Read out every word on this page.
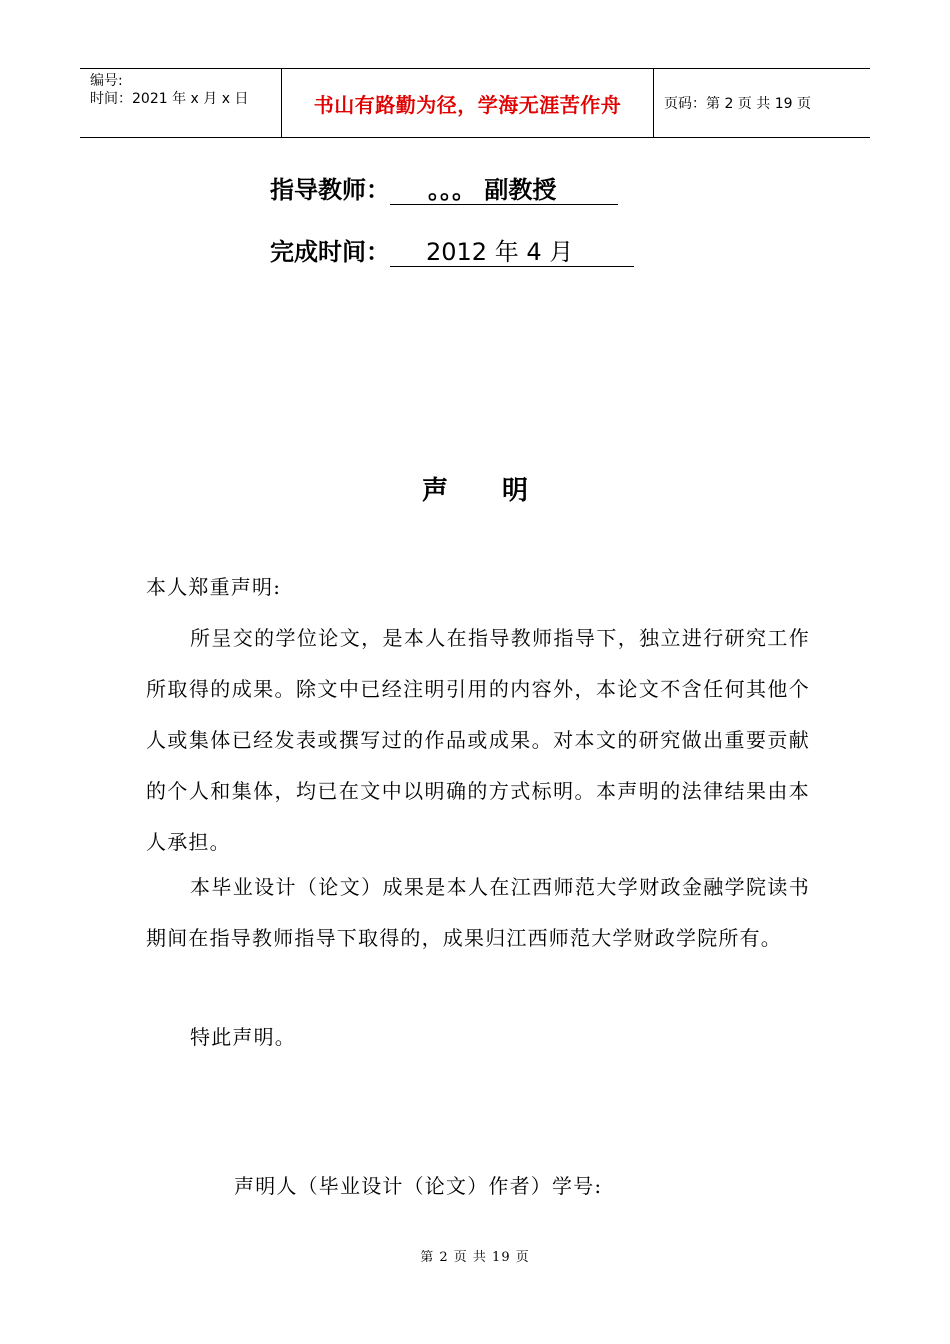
编号:
时间：2021 年 x 月 x 日	书山有路勤为径，学海无涯苦作舟	页码：第 2 页 共 19 页
指导教师： 。。。 副教授
完成时间： 2012 年 4 月
声明
本人郑重声明:
所呈交的学位论文，是本人在指导教师指导下，独立进行研究工作所取得的成果。除文中已经注明引用的内容外，本论文不含任何其他个人或集体已经发表或撰写过的作品或成果。对本文的研究做出重要贡献的个人和集体，均已在文中以明确的方式标明。本声明的法律结果由本人承担。
本毕业设计（论文）成果是本人在江西师范大学财政金融学院读书期间在指导教师指导下取得的，成果归江西师范大学财政学院所有。
特此声明。
声明人（毕业设计（论文）作者）学号:
第 2 页 共 19 页
